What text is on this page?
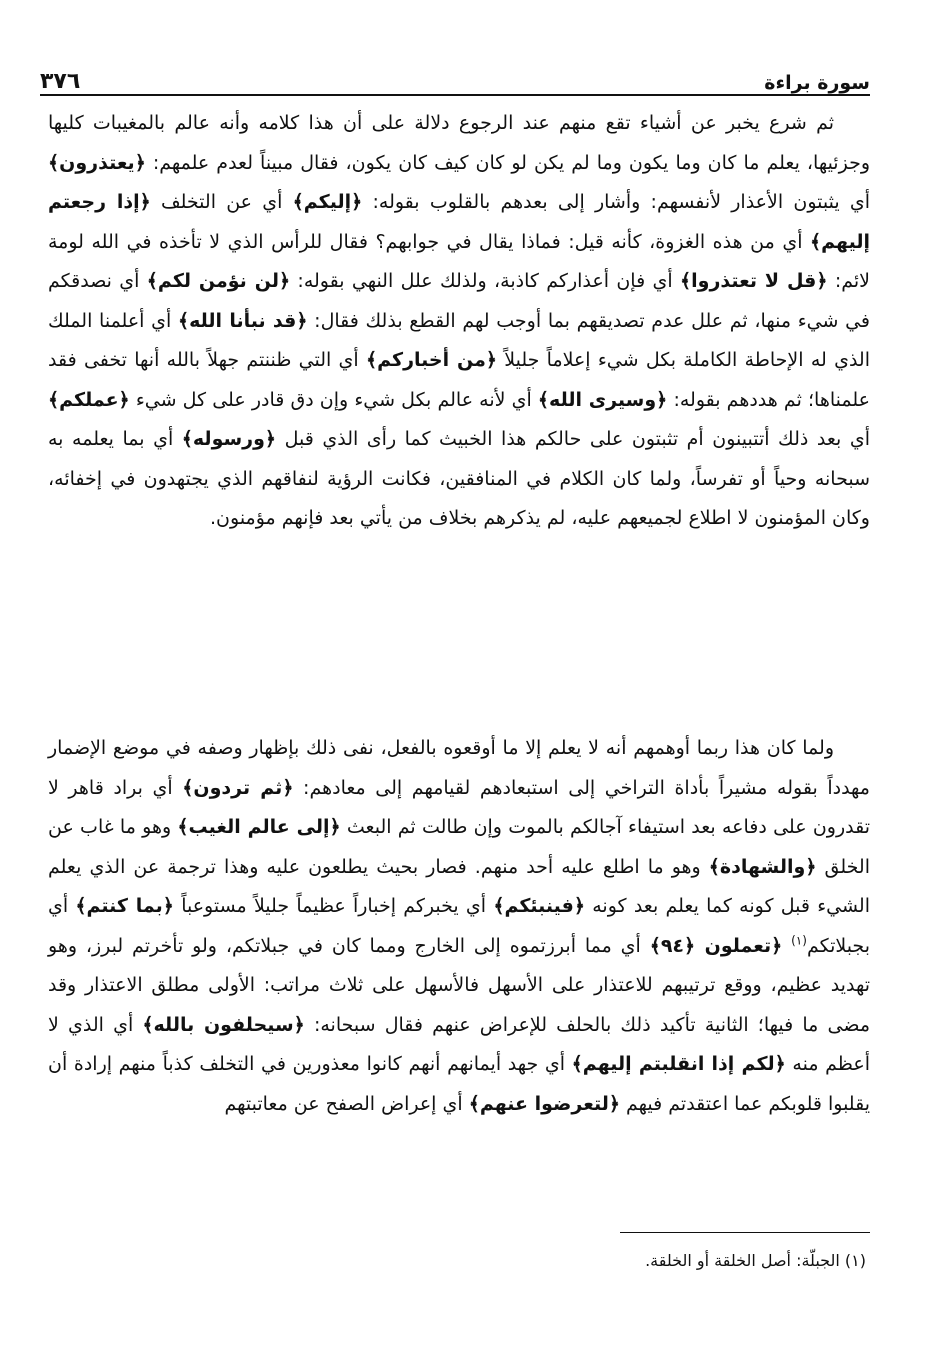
٣٧٦	سورة براءة

ثم شرع يخبر عن أشياء تقع منهم عند الرجوع دلالة على أن هذا كلامه وأنه عالم بالمغيبات كليها وجزئيها، يعلم ما كان وما يكون وما لم يكن لو كان كيف كان يكون، فقال مبيناً لعدم علمهم: ﴿يعتذرون﴾ أي يثبتون الأعذار لأنفسهم: وأشار إلى بعدهم بالقلوب بقوله: ﴿إليكم﴾ أي عن التخلف ﴿إذا رجعتم إليهم﴾ أي من هذه الغزوة، كأنه قيل: فماذا يقال في جوابهم؟ فقال للرأس الذي لا تأخذه في الله لومة لائم: ﴿قل لا تعتذروا﴾ أي فإن أعذاركم كاذبة، ولذلك علل النهي بقوله: ﴿لن نؤمن لكم﴾ أي نصدقكم في شيء منها، ثم علل عدم تصديقهم بما أوجب لهم القطع بذلك فقال: ﴿قد نبأنا الله﴾ أي أعلمنا الملك الذي له الإحاطة الكاملة بكل شيء إعلاماً جليلاً ﴿من أخباركم﴾ أي التي ظننتم جهلاً بالله أنها تخفى فقد علمناها؛ ثم هددهم بقوله: ﴿وسيرى الله﴾ أي لأنه عالم بكل شيء وإن دق قادر على كل شيء ﴿عملكم﴾ أي بعد ذلك أتتبينون أم تثبتون على حالكم هذا الخبيث كما رأى الذي قبل ﴿ورسوله﴾ أي بما يعلمه به سبحانه وحياً أو تفرساً، ولما كان الكلام في المنافقين، فكانت الرؤية لنفاقهم الذي يجتهدون في إخفائه، وكان المؤمنون لا اطلاع لجميعهم عليه، لم يذكرهم بخلاف من يأتي بعد فإنهم مؤمنون.

ولما كان هذا ربما أوهمهم أنه لا يعلم إلا ما أوقعوه بالفعل، نفى ذلك بإظهار وصفه في موضع الإضمار مهدداً بقوله مشيراً بأداة التراخي إلى استبعادهم لقيامهم إلى معادهم: ﴿ثم تردون﴾ أي براد قاهر لا تقدرون على دفاعه بعد استيفاء آجالكم بالموت وإن طالت ثم البعث ﴿إلى عالم الغيب﴾ وهو ما غاب عن الخلق ﴿والشهادة﴾ وهو ما اطلع عليه أحد منهم. فصار بحيث يطلعون عليه وهذا ترجمة عن الذي يعلم الشيء قبل كونه كما يعلم بعد كونه ﴿فينبئكم﴾ أي يخبركم إخباراً عظيماً جليلاً مستوعباً ﴿بما كنتم﴾ أي بجبلاتكم$^{(١)}$ ﴿تعملون ﴿٩٤﴾ أي مما أبرزتموه إلى الخارج ومما كان في جبلاتكم، ولو تأخرتم لبرز، وهو تهديد عظيم، ووقع ترتيبهم للاعتذار على الأسهل فالأسهل على ثلاث مراتب: الأولى مطلق الاعتذار وقد مضى ما فيها؛ الثانية تأكيد ذلك بالحلف للإعراض عنهم فقال سبحانه: ﴿سيحلفون بالله﴾ أي الذي لا أعظم منه ﴿لكم إذا انقلبتم إليهم﴾ أي جهد أيمانهم أنهم كانوا معذورين في التخلف كذباً منهم إرادة أن يقلبوا قلوبكم عما اعتقدتم فيهم ﴿لتعرضوا عنهم﴾ أي إعراض الصفح عن معاتبتهم

(١) الجبلّة: أصل الخلقة أو الخلقة.
